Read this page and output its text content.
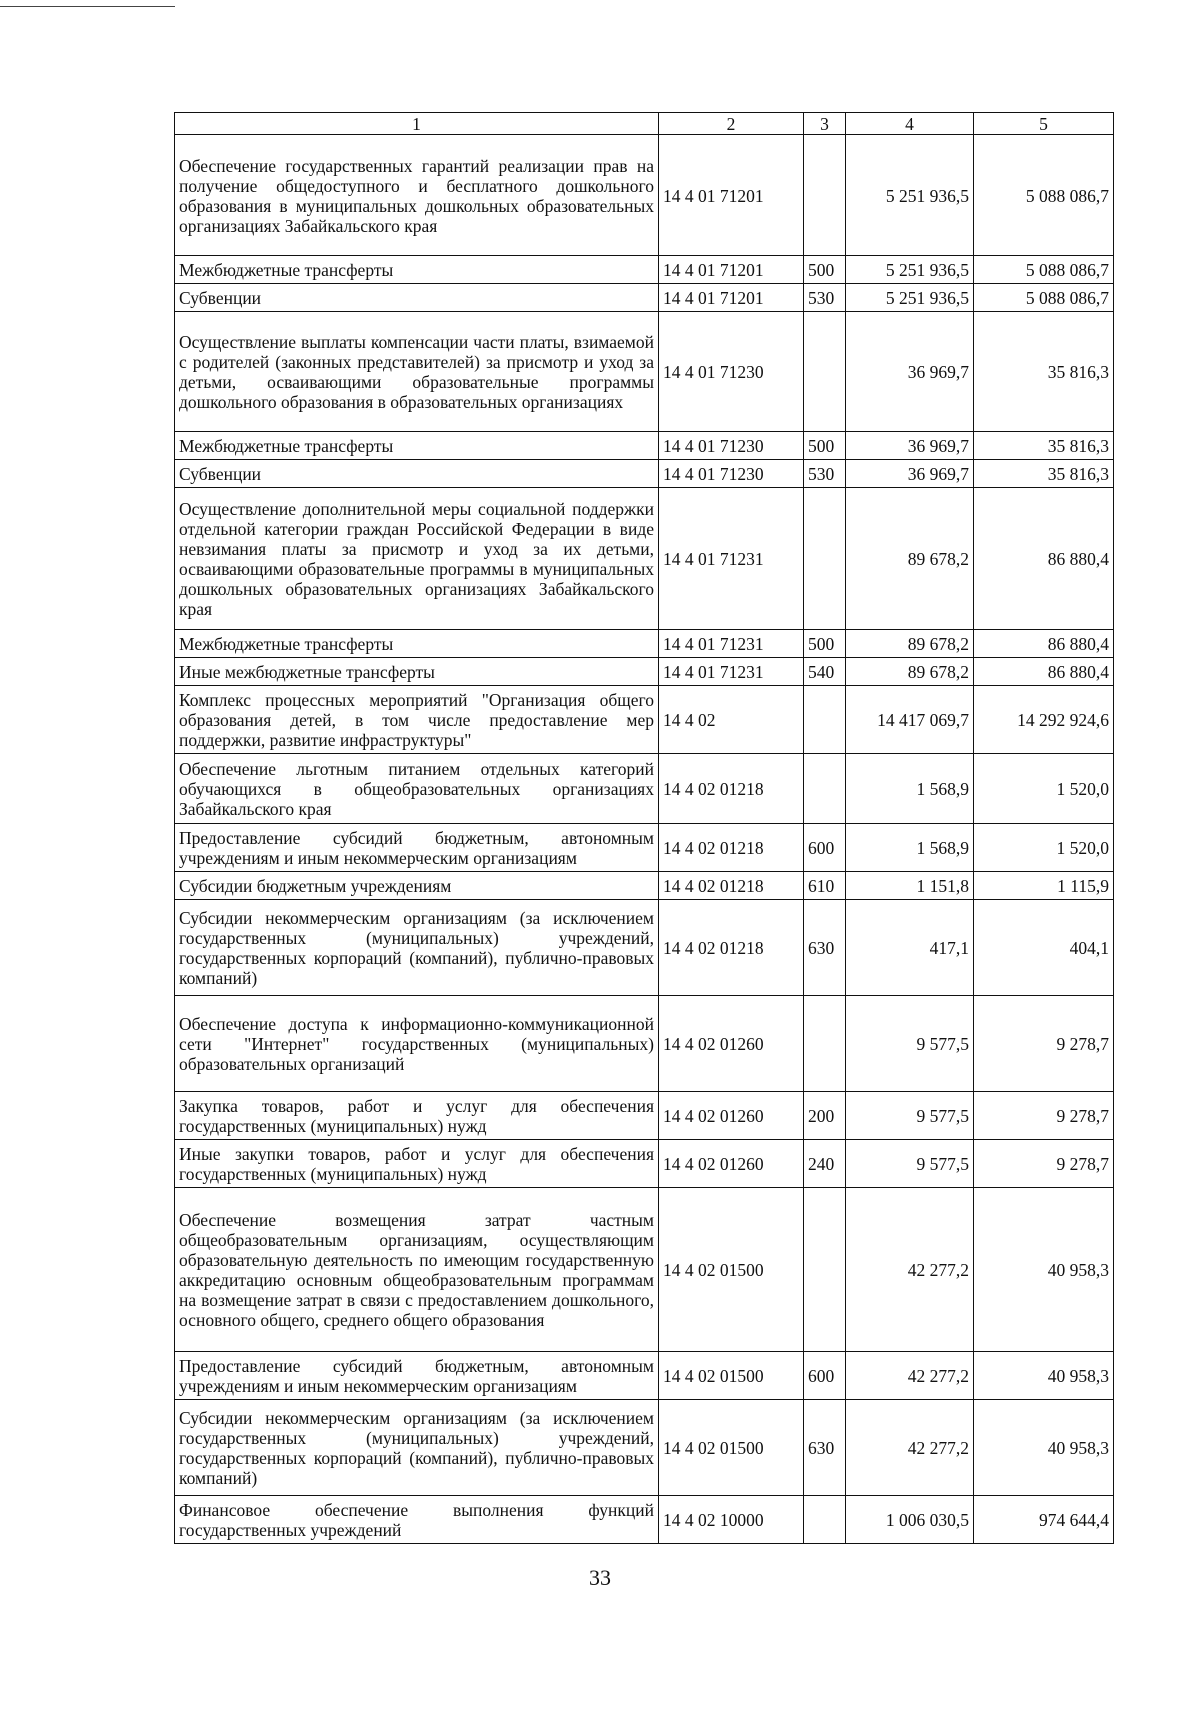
1	2	3	4	5
Обеспечение государственных гарантий реализации прав на получение общедоступного и бесплатного дошкольного образования в муниципальных дошкольных образовательных организациях Забайкальского края	14 4 01 71201		5 251 936,5	5 088 086,7
Межбюджетные трансферты	14 4 01 71201	500	5 251 936,5	5 088 086,7
Субвенции	14 4 01 71201	530	5 251 936,5	5 088 086,7
Осуществление выплаты компенсации части платы, взимаемой с родителей (законных представителей) за присмотр и уход за детьми, осваивающими образовательные программы дошкольного образования в образовательных организациях	14 4 01 71230		36 969,7	35 816,3
Межбюджетные трансферты	14 4 01 71230	500	36 969,7	35 816,3
Субвенции	14 4 01 71230	530	36 969,7	35 816,3
Осуществление дополнительной меры социальной поддержки отдельной категории граждан Российской Федерации в виде невзимания платы за присмотр и уход за их детьми, осваивающими образовательные программы в муниципальных дошкольных образовательных организациях Забайкальского края	14 4 01 71231		89 678,2	86 880,4
Межбюджетные трансферты	14 4 01 71231	500	89 678,2	86 880,4
Иные межбюджетные трансферты	14 4 01 71231	540	89 678,2	86 880,4
Комплекс процессных мероприятий "Организация общего образования детей, в том числе предоставление мер поддержки, развитие инфраструктуры"	14 4 02		14 417 069,7	14 292 924,6
Обеспечение льготным питанием отдельных категорий обучающихся в общеобразовательных организациях Забайкальского края	14 4 02 01218		1 568,9	1 520,0
Предоставление субсидий бюджетным, автономным учреждениям и иным некоммерческим организациям	14 4 02 01218	600	1 568,9	1 520,0
Субсидии бюджетным учреждениям	14 4 02 01218	610	1 151,8	1 115,9
Субсидии некоммерческим организациям (за исключением государственных (муниципальных) учреждений, государственных корпораций (компаний), публично-правовых компаний)	14 4 02 01218	630	417,1	404,1
Обеспечение доступа к информационно-коммуникационной сети "Интернет" государственных (муниципальных) образовательных организаций	14 4 02 01260		9 577,5	9 278,7
Закупка товаров, работ и услуг для обеспечения государственных (муниципальных) нужд	14 4 02 01260	200	9 577,5	9 278,7
Иные закупки товаров, работ и услуг для обеспечения государственных (муниципальных) нужд	14 4 02 01260	240	9 577,5	9 278,7
Обеспечение возмещения затрат частным общеобразовательным организациям, осуществляющим образовательную деятельность по имеющим государственную аккредитацию основным общеобразовательным программам на возмещение затрат в связи с предоставлением дошкольного, основного общего, среднего общего образования	14 4 02 01500		42 277,2	40 958,3
Предоставление субсидий бюджетным, автономным учреждениям и иным некоммерческим организациям	14 4 02 01500	600	42 277,2	40 958,3
Субсидии некоммерческим организациям (за исключением государственных (муниципальных) учреждений, государственных корпораций (компаний), публично-правовых компаний)	14 4 02 01500	630	42 277,2	40 958,3
Финансовое обеспечение выполнения функций государственных учреждений	14 4 02 10000		1 006 030,5	974 644,4
33
